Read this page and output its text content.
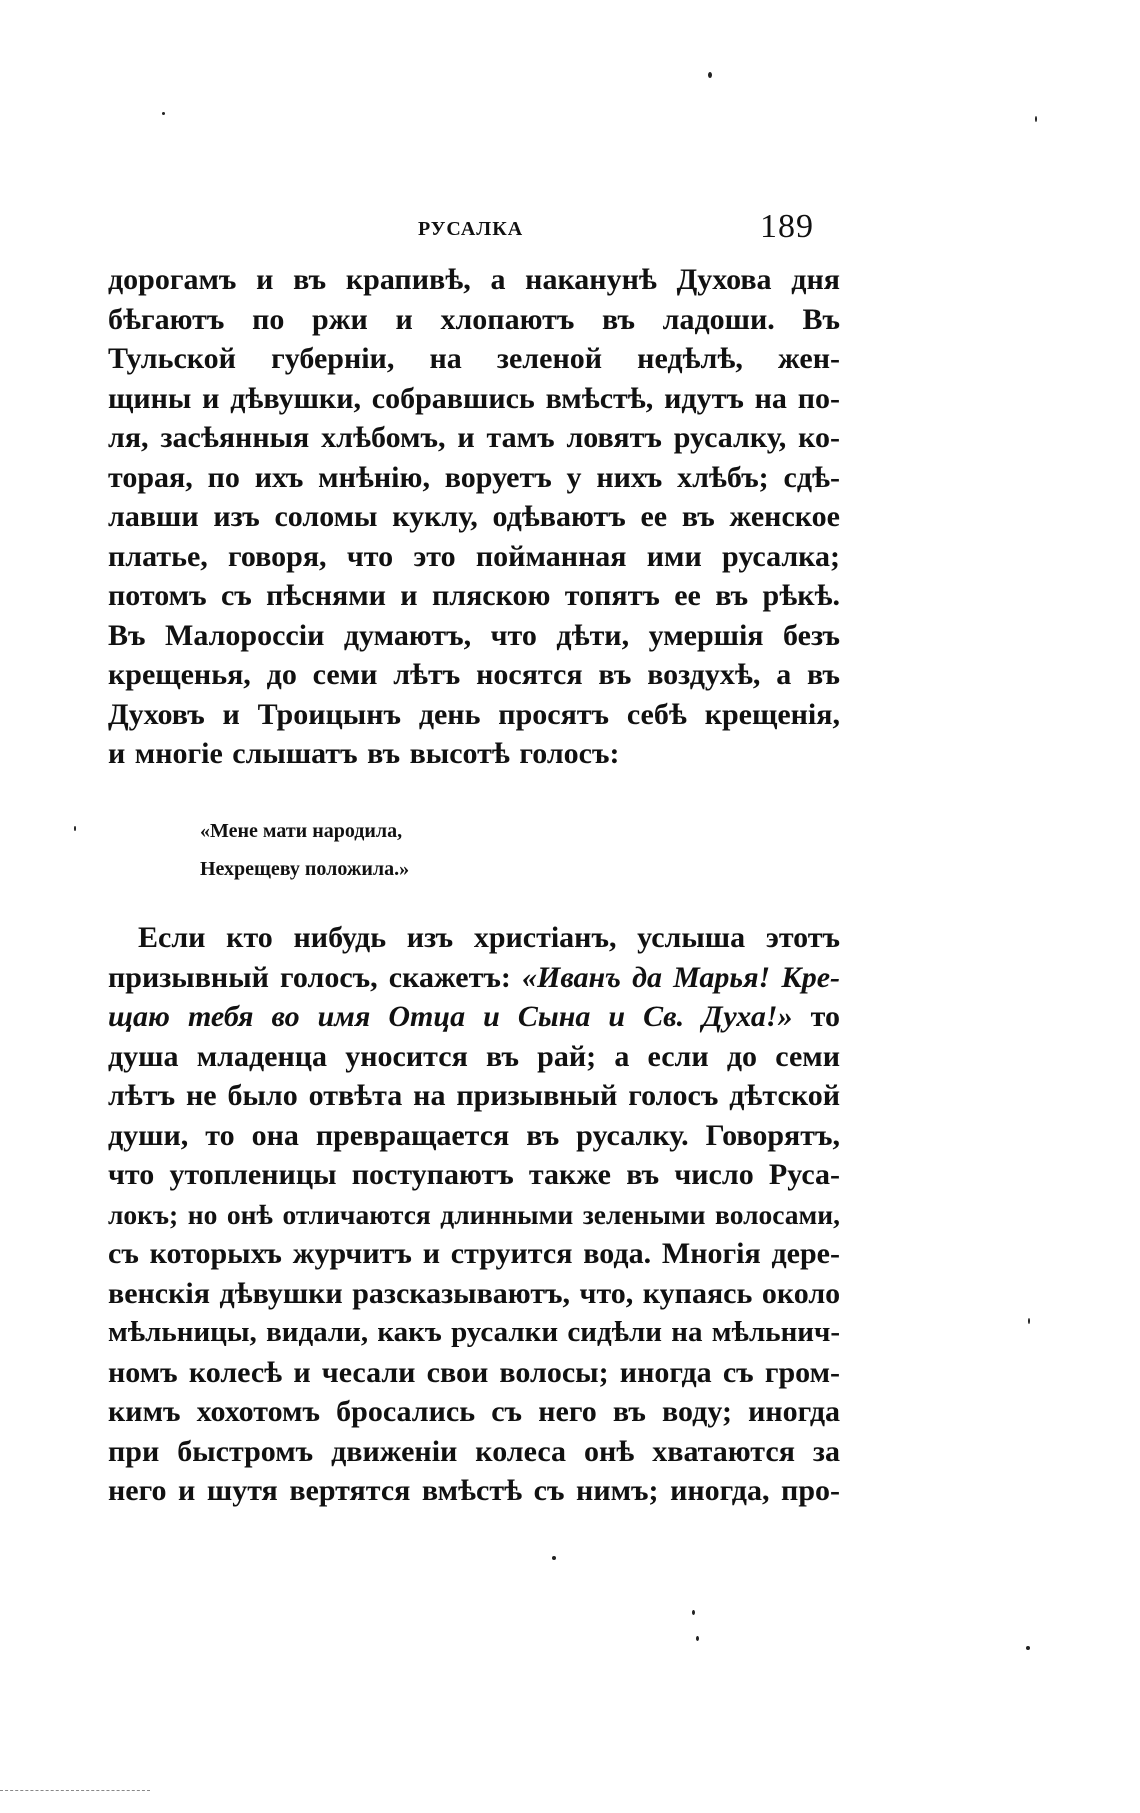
РУСАЛКА	189
дорогамъ и въ крапивѣ, а наканунѣ Духова дня
бѣгаютъ по ржи и хлопаютъ въ ладоши. Въ
Тульской губерніи, на зеленой недѣлѣ, жен-
щины и дѣвушки, собравшись вмѣстѣ, идутъ на по-
ля, засѣянныя хлѣбомъ, и тамъ ловятъ русалку, ко-
торая, по ихъ мнѣнію, воруетъ у нихъ хлѣбъ; сдѣ-
лавши изъ соломы куклу, одѣваютъ ее въ женское
платье, говоря, что это пойманная ими русалка;
потомъ съ пѣснями и пляскою топятъ ее въ рѣкѣ.
Въ Малороссіи думаютъ, что дѣти, умершія безъ
крещенья, до семи лѣтъ носятся въ воздухѣ, а въ
Духовъ и Троицынъ день просятъ себѣ крещенія,
и многіе слышатъ въ высотѣ голосъ:
«Мене мати народила,
Нехрещеву положила.»
Если кто нибудь изъ христіанъ, услыша этотъ
призывный голосъ, скажетъ: «Иванъ да Марья! Кре-
щаю тебя во имя Отца и Сына и Св. Духа!» то
душа младенца уносится въ рай; а если до семи
лѣтъ не было отвѣта на призывный голосъ дѣтской
души, то она превращается въ русалку. Говорятъ,
что утопленицы поступаютъ также въ число Руса-
локъ; но онѣ отличаются длинными зелеными волосами,
съ которыхъ журчитъ и струится вода. Многія дере-
венскія дѣвушки разсказываютъ, что, купаясь около
мѣльницы, видали, какъ русалки сидѣли на мѣльнич-
номъ колесѣ и чесали свои волосы; иногда съ гром-
кимъ хохотомъ бросались съ него въ воду; иногда
при быстромъ движеніи колеса онѣ хватаются за
него и шутя вертятся вмѣстѣ съ нимъ; иногда, про-
